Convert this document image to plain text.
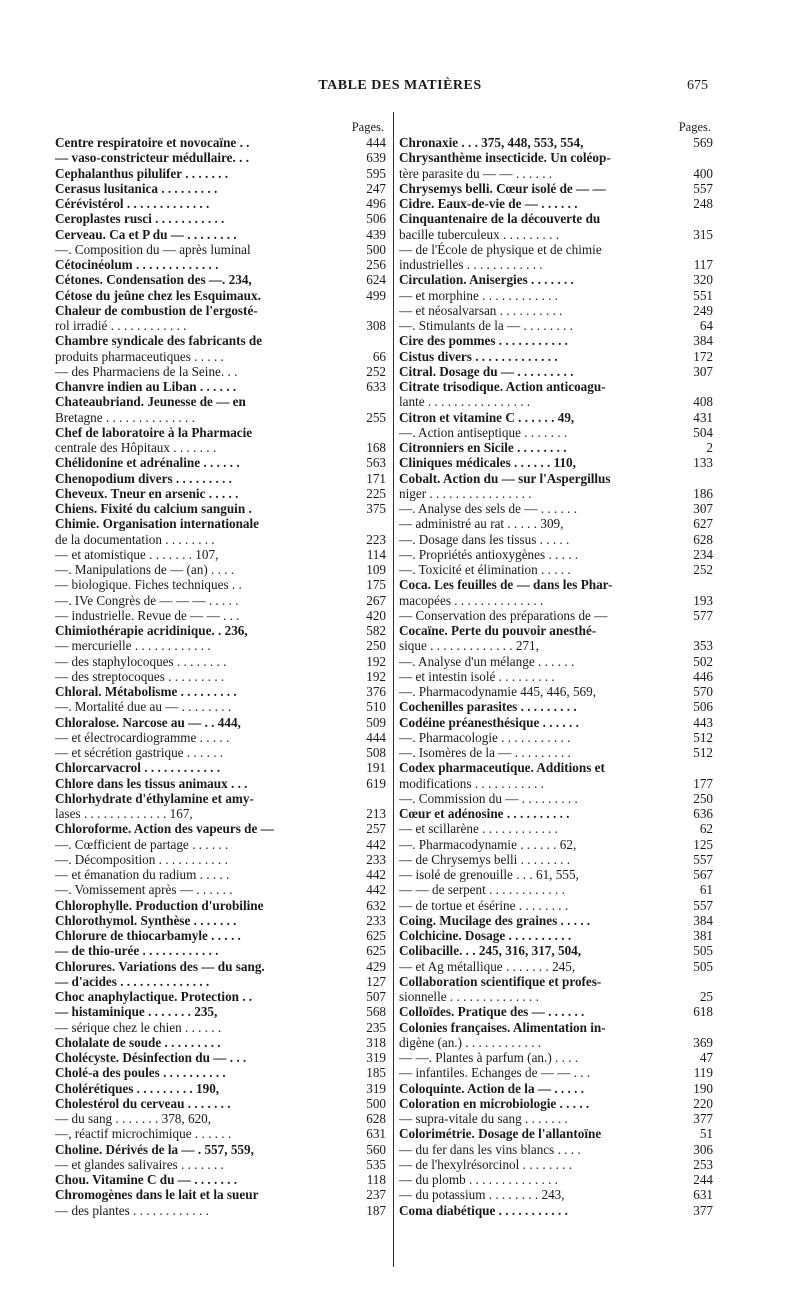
TABLE DES MATIÈRES	675
Pages.
Centre respiratoire et novocaïne . .	444
— vaso-constricteur médullaire. . .	639
Cephalanthus pilulifer . . . . . . .	595
Cerasus lusitanica . . . . . . . . .	247
Cérévistérol . . . . . . . . . . . . .	496
Ceroplastes rusci . . . . . . . . . . .	506
Cerveau. Ca et P du — . . . . . . . .	439
—. Composition du — après luminal	500
Cétocinéolum . . . . . . . . . . . . .	256
Cétones. Condensation des —. 234,	624
Cétose du jeûne chez les Esquimaux.	499
Chaleur de combustion de l'ergosté-
rol irradié . . . . . . . . . . . .	308
Chambre syndicale des fabricants de
produits pharmaceutiques . . . . .	66
— des Pharmaciens de la Seine. . .	252
Chanvre indien au Liban . . . . . .	633
Chateaubriand. Jeunesse de — en
Bretagne . . . . . . . . . . . . . .	255
Chef de laboratoire à la Pharmacie
centrale des Hôpitaux . . . . . . .	168
Chélidonine et adrénaline . . . . . .	563
Chenopodium divers . . . . . . . . .	171
Cheveux. Tneur en arsenic . . . . .	225
Chiens. Fixité du calcium sanguin .	375
Chimie. Organisation internationale
de la documentation . . . . . . . .	223
— et atomistique . . . . . . . 107,	114
—. Manipulations de — (an) . . . .	109
— biologique. Fiches techniques . .	175
—. IVe Congrès de — — — . . . . .	267
— industrielle. Revue de — — . . .	420
Chimiothérapie acridinique. . 236,	582
— mercurielle . . . . . . . . . . . .	250
— des staphylocoques . . . . . . . .	192
— des streptocoques . . . . . . . . .	192
Chloral. Métabolisme . . . . . . . . .	376
—. Mortalité due au — . . . . . . . .	510
Chloralose. Narcose au — . . 444,	509
— et électrocardiogramme . . . . .	444
— et sécrétion gastrique . . . . . .	508
Chlorcarvacrol . . . . . . . . . . . .	191
Chlore dans les tissus animaux . . .	619
Chlorhydrate d'éthylamine et amy-
lases . . . . . . . . . . . . . 167,	213
Chloroforme. Action des vapeurs de —	257
—. Cœfficient de partage . . . . . .	442
—. Décomposition . . . . . . . . . . .	233
— et émanation du radium . . . . .	442
—. Vomissement après — . . . . . .	442
Chlorophylle. Production d'urobiline	632
Chlorothymol. Synthèse . . . . . . .	233
Chlorure de thiocarbamyle . . . . .	625
— de thio-urée . . . . . . . . . . . .	625
Chlorures. Variations des — du sang.	429
— d'acides . . . . . . . . . . . . . .	127
Choc anaphylactique. Protection . .	507
— histaminique . . . . . . . 235,	568
— sérique chez le chien . . . . . .	235
Cholalate de soude . . . . . . . . .	318
Cholécyste. Désinfection du — . . .	319
Cholé-a des poules . . . . . . . . . .	185
Cholérétiques . . . . . . . . . 190,	319
Cholestérol du cerveau . . . . . . .	500
— du sang . . . . . . . 378, 620,	628
—, réactif microchimique . . . . . .	631
Choline. Dérivés de la — . 557, 559,	560
— et glandes salivaires . . . . . . .	535
Chou. Vitamine C du — . . . . . . .	118
Chromogènes dans le lait et la sueur	237
— des plantes . . . . . . . . . . . .	187
Pages.
Chronaxie . . . 375, 448, 553, 554,	569
Chrysanthème insecticide. Un coléop-
tère parasite du — — . . . . . .	400
Chrysemys belli. Cœur isolé de — —	557
Cidre. Eaux-de-vie de — . . . . . .	248
Cinquantenaire de la découverte du
bacille tuberculeux . . . . . . . . .	315
— de l'École de physique et de chimie
industrielles . . . . . . . . . . . .	117
Circulation. Anisergies . . . . . . .	320
— et morphine . . . . . . . . . . . .	551
— et néosalvarsan . . . . . . . . . .	249
—. Stimulants de la — . . . . . . . .	64
Cire des pommes . . . . . . . . . . .	384
Cistus divers . . . . . . . . . . . . .	172
Citral. Dosage du — . . . . . . . . .	307
Citrate trisodique. Action anticoagu-
lante . . . . . . . . . . . . . . . .	408
Citron et vitamine C . . . . . . 49,	431
—. Action antiseptique . . . . . . .	504
Citronniers en Sicile . . . . . . . .	2
Cliniques médicales . . . . . . 110,	133
Cobalt. Action du — sur l'Aspergillus
niger . . . . . . . . . . . . . . . .	186
—. Analyse des sels de — . . . . . .	307
— administré au rat . . . . . 309,	627
—. Dosage dans les tissus . . . . .	628
—. Propriétés antioxygènes . . . . .	234
—. Toxicité et élimination . . . . .	252
Coca. Les feuilles de — dans les Phar-
macopées . . . . . . . . . . . . . .	193
— Conservation des préparations de —	577
Cocaïne. Perte du pouvoir anesthé-
sique . . . . . . . . . . . . . 271,	353
—. Analyse d'un mélange . . . . . .	502
— et intestin isolé . . . . . . . . .	446
—. Pharmacodynamie 445, 446, 569,	570
Cochenilles parasites . . . . . . . . .	506
Codéine préanesthésique . . . . . .	443
—. Pharmacologie . . . . . . . . . . .	512
—. Isomères de la — . . . . . . . . .	512
Codex pharmaceutique. Additions et
modifications . . . . . . . . . . .	177
—. Commission du — . . . . . . . . .	250
Cœur et adénosine . . . . . . . . . .	636
— et scillarène . . . . . . . . . . . .	62
—. Pharmacodynamie . . . . . . 62,	125
— de Chrysemys belli . . . . . . . .	557
— isolé de grenouille . . . 61, 555,	567
— — de serpent . . . . . . . . . . . .	61
— de tortue et ésérine . . . . . . . .	557
Coing. Mucilage des graines . . . . .	384
Colchicine. Dosage . . . . . . . . . .	381
Colibacille. . . 245, 316, 317, 504,	505
— et Ag métallique . . . . . . . 245,	505
Collaboration scientifique et profes-
sionnelle . . . . . . . . . . . . . .	25
Colloïdes. Pratique des — . . . . . .	618
Colonies françaises. Alimentation in-
digène (an.) . . . . . . . . . . . .	369
— —. Plantes à parfum (an.) . . . .	47
— infantiles. Echanges de — — . . .	119
Coloquinte. Action de la — . . . . .	190
Coloration en microbiologie . . . . .	220
— supra-vitale du sang . . . . . . .	377
Colorimétrie. Dosage de l'allantoïne	51
— du fer dans les vins blancs . . . .	306
— de l'hexylrésorcinol . . . . . . . .	253
— du plomb . . . . . . . . . . . . . .	244
— du potassium . . . . . . . . 243,	631
Coma diabétique . . . . . . . . . . .	377
